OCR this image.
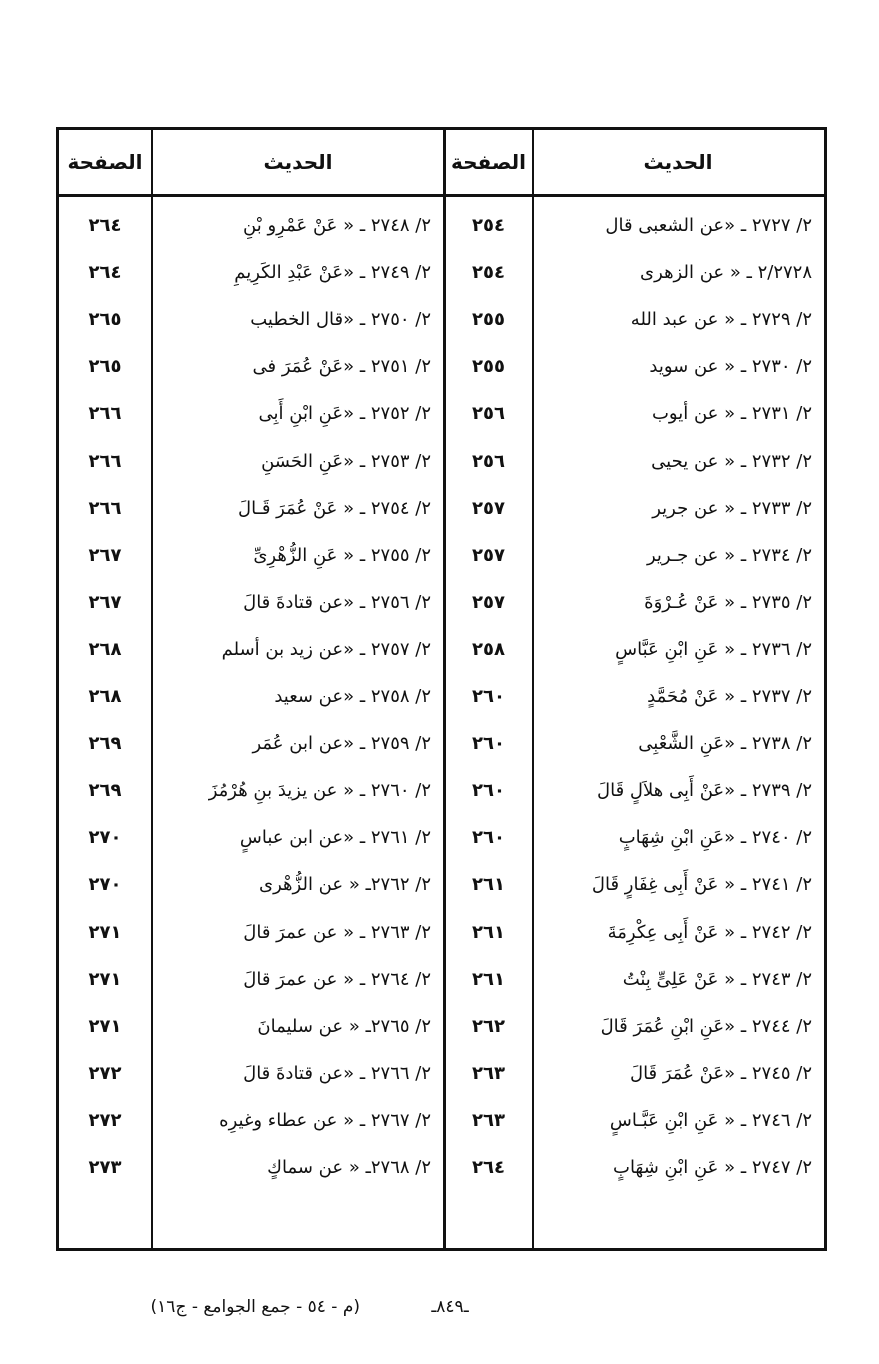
الحديث
الصفحة
الحديث
الصفحة
٢/ ٢٧٢٧ ـ «عن الشعبى قال
٢٥٤
٢/ ٢٧٤٨ ـ « عَنْ عَمْرِو بْنِ
٢٦٤
٢/٢٧٢٨ ـ « عن الزهرى
٢٥٤
٢/ ٢٧٤٩ ـ «عَنْ عَبْدِ الكَرِيمِ
٢٦٤
٢/ ٢٧٢٩ ـ « عن عبد الله
٢٥٥
٢/ ٢٧٥٠ ـ «قال الخطيب
٢٦٥
٢/ ٢٧٣٠ ـ « عن سويد
٢٥٥
٢/ ٢٧٥١ ـ «عَنْ عُمَرَ فى
٢٦٥
٢/ ٢٧٣١ ـ « عن أيوب
٢٥٦
٢/ ٢٧٥٢ ـ «عَنِ ابْنِ أَبِى
٢٦٦
٢/ ٢٧٣٢ ـ « عن يحيى
٢٥٦
٢/ ٢٧٥٣ ـ «عَنِ الحَسَنِ
٢٦٦
٢/ ٢٧٣٣ ـ « عن جرير
٢٥٧
٢/ ٢٧٥٤ ـ « عَنْ عُمَرَ قَـالَ
٢٦٦
٢/ ٢٧٣٤ ـ « عن جـرير
٢٥٧
٢/ ٢٧٥٥ ـ « عَنِ الزُّهْرِىِّ
٢٦٧
٢/ ٢٧٣٥ ـ « عَنْ عُـرْوَةَ
٢٥٧
٢/ ٢٧٥٦ ـ «عن قتادةَ قالَ
٢٦٧
٢/ ٢٧٣٦ ـ « عَنِ ابْنِ عَبَّاسٍ
٢٥٨
٢/ ٢٧٥٧ ـ «عن زيد بن أسلم
٢٦٨
٢/ ٢٧٣٧ ـ « عَنْ مُحَمَّدٍ
٢٦٠
٢/ ٢٧٥٨ ـ «عن سعيد
٢٦٨
٢/ ٢٧٣٨ ـ «عَنِ الشَّعْبِى
٢٦٠
٢/ ٢٧٥٩ ـ «عن ابن عُمَر
٢٦٩
٢/ ٢٧٣٩ ـ «عَنْ أَبِى هلاَلٍ قَالَ
٢٦٠
٢/ ٢٧٦٠ ـ « عن يزيدَ بنِ هُرْمُزَ
٢٦٩
٢/ ٢٧٤٠ ـ «عَنِ ابْنِ شِهَابٍ
٢٦٠
٢/ ٢٧٦١ ـ «عن ابن عباسٍ
٢٧٠
٢/ ٢٧٤١ ـ « عَنْ أَبِى غِفَارٍ قَالَ
٢٦١
٢/ ٢٧٦٢ـ « عن الزُّهْرى
٢٧٠
٢/ ٢٧٤٢ ـ « عَنْ أَبِى عِكْرِمَةَ
٢٦١
٢/ ٢٧٦٣ ـ « عن عمرَ قالَ
٢٧١
٢/ ٢٧٤٣ ـ « عَنْ عَلِىٍّ بِنْتُ
٢٦١
٢/ ٢٧٦٤ ـ « عن عمرَ قالَ
٢٧١
٢/ ٢٧٤٤ ـ «عَنِ ابْنِ عُمَرَ قَالَ
٢٦٢
٢/ ٢٧٦٥ـ « عن سليمانَ
٢٧١
٢/ ٢٧٤٥ ـ «عَنْ عُمَرَ قَالَ
٢٦٣
٢/ ٢٧٦٦ ـ «عن قتادةَ قالَ
٢٧٢
٢/ ٢٧٤٦ ـ « عَنِ ابْنِ عَبَّـاسٍ
٢٦٣
٢/ ٢٧٦٧ ـ « عن عطاء وغيرِه
٢٧٢
٢/ ٢٧٤٧ ـ « عَنِ ابْنِ شِهَابٍ
٢٦٤
٢/ ٢٧٦٨ـ « عن سماكٍ
٢٧٣
ـ٨٤٩ـ
(م - ٥٤ - جمع الجوامع - ج١٦)
